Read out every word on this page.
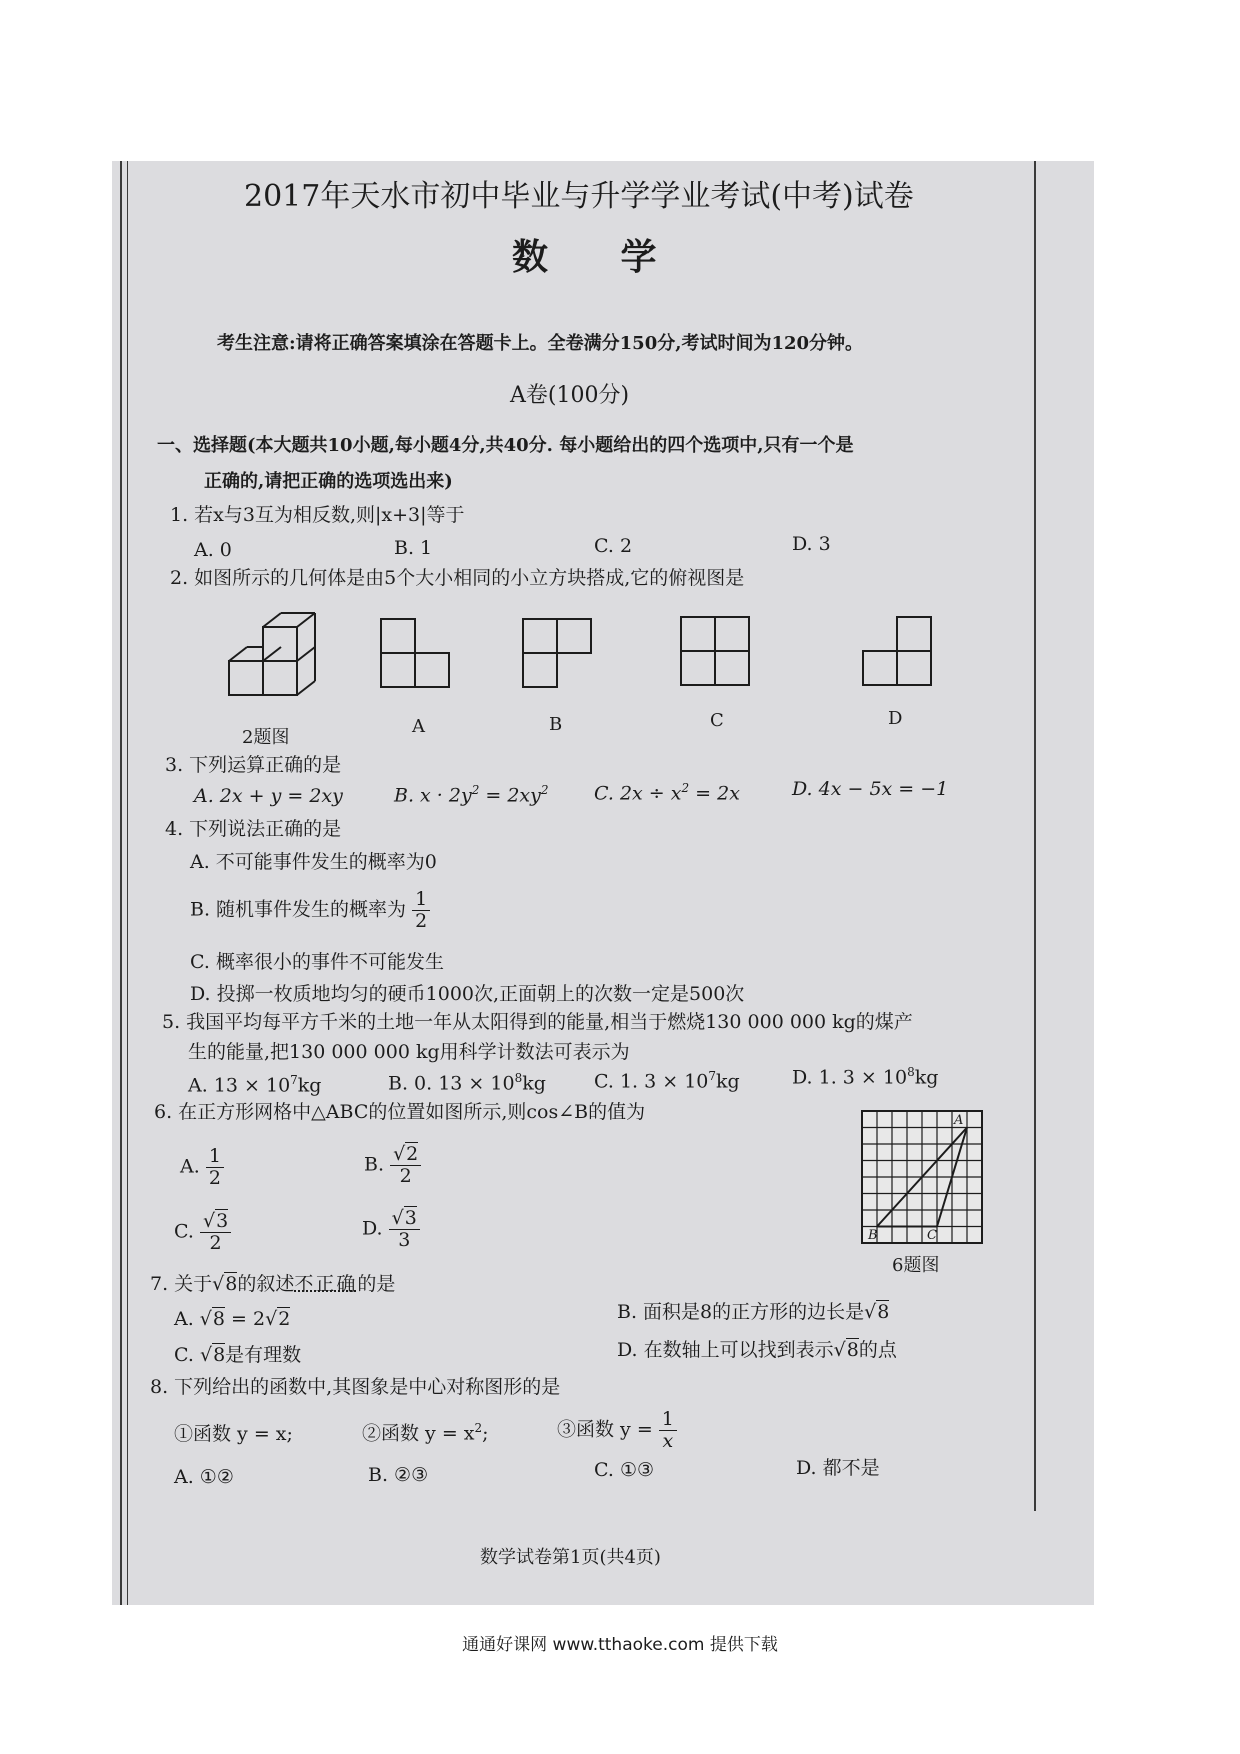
2017年天水市初中毕业与升学学业考试(中考)试卷
数 学
考生注意:请将正确答案填涂在答题卡上。全卷满分150分,考试时间为120分钟。
A卷(100分)
一、选择题(本大题共10小题,每小题4分,共40分. 每小题给出的四个选项中,只有一个是
正确的,请把正确的选项选出来)
1. 若x与3互为相反数,则|x+3|等于
A. 0	B. 1	C. 2	D. 3
2. 如图所示的几何体是由5个大小相同的小立方块搭成,它的俯视图是
2题图
A	B	C	D
3. 下列运算正确的是
A. 2x + y = 2xy	B. $x \cdot 2y^2 = 2xy^2$ C. $2x \div x^2 = 2x$	D. 4x − 5x = −1
4. 下列说法正确的是
A. 不可能事件发生的概率为0
B. 随机事件发生的概率为 $\frac{1}{2}$
C. 概率很小的事件不可能发生
D. 投掷一枚质地均匀的硬币1000次,正面朝上的次数一定是500次
5. 我国平均每平方千米的土地一年从太阳得到的能量,相当于燃烧130 000 000 kg的煤产
生的能量,把130 000 000 kg用科学计数法可表示为
A. $13 \times 10^7kg$	B. 0. $13 \times 10^8kg$	C. 1. $3 \times 10^7kg$	D. 1. $3 \times 10^8kg$
6. 在正方形网格中△ABC的位置如图所示,则cos∠B的值为
A. $\frac{1}{2}$	B. $\frac{√2}{2}$
C. $\frac{√3}{2}$	D. $\frac{√3}{3}$
A
B	C
6题图
7. 关于√8的叙述不正确的是
A. √8 = 2√2	B. 面积是8的正方形的边长是√8
C. √8是有理数	D. 在数轴上可以找到表示√8的点
8. 下列给出的函数中,其图象是中心对称图形的是
①函数 y = x;	②函数 $y = x^2$;	③函数 $y = \frac{1}{x}$
A. ①②	B. ②③	C. ①③	D. 都不是
数学试卷第1页(共4页)
通通好课网 www.tthaoke.com 提供下载
